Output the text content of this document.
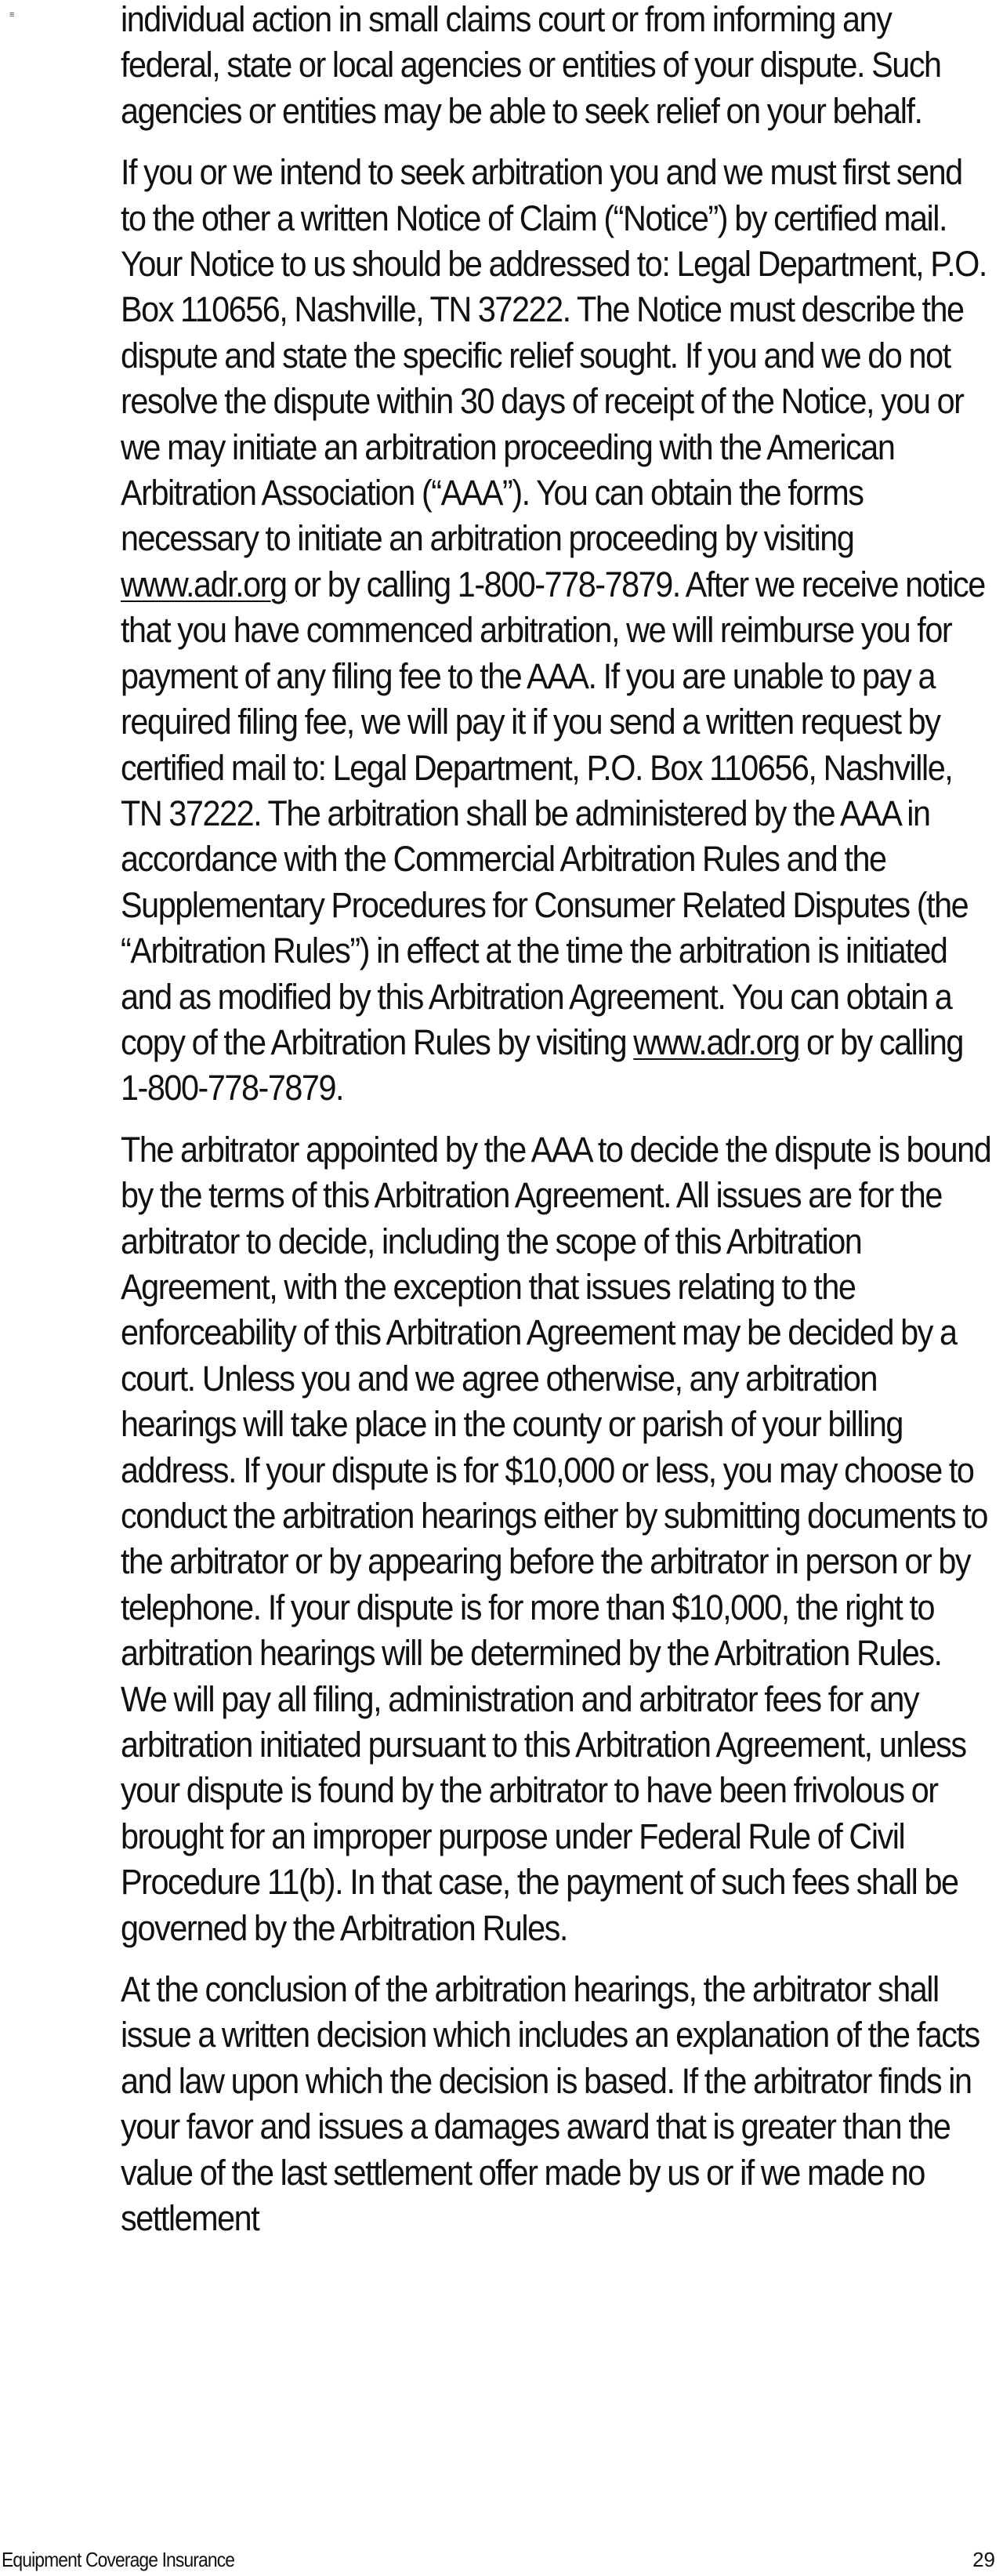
≡	individual action in small claims court or from informing any federal, state or local agencies or entities of your dispute. Such agencies or entities may be able to seek relief on your behalf.

If you or we intend to seek arbitration you and we must first send to the other a written Notice of Claim (“Notice”) by certified mail. Your Notice to us should be addressed to: Legal Department, P.O. Box 110656, Nashville, TN 37222. The Notice must describe the dispute and state the specific relief sought. If you and we do not resolve the dispute within 30 days of receipt of the Notice, you or we may initiate an arbitration proceeding with the American Arbitration Association (“AAA”). You can obtain the forms necessary to initiate an arbitration proceeding by visiting www.adr.org or by calling 1-800-778-7879. After we receive notice that you have commenced arbitration, we will reimburse you for payment of any filing fee to the AAA. If you are unable to pay a required filing fee, we will pay it if you send a written request by certified mail to: Legal Department, P.O. Box 110656, Nashville, TN 37222. The arbitration shall be administered by the AAA in accordance with the Commercial Arbitration Rules and the Supplementary Procedures for Consumer Related Disputes (the “Arbitration Rules”) in effect at the time the arbitration is initiated and as modified by this Arbitration Agreement. You can obtain a copy of the Arbitration Rules by visiting www.adr.org or by calling 1-800-778-7879.

The arbitrator appointed by the AAA to decide the dispute is bound by the terms of this Arbitration Agreement. All issues are for the arbitrator to decide, including the scope of this Arbitration Agreement, with the exception that issues relating to the enforceability of this Arbitration Agreement may be decided by a court. Unless you and we agree otherwise, any arbitration hearings will take place in the county or parish of your billing address. If your dispute is for $10,000 or less, you may choose to conduct the arbitration hearings either by submitting documents to the arbitrator or by appearing before the arbitrator in person or by telephone. If your dispute is for more than $10,000, the right to arbitration hearings will be determined by the Arbitration Rules. We will pay all filing, administration and arbitrator fees for any arbitration initiated pursuant to this Arbitration Agreement, unless your dispute is found by the arbitrator to have been frivolous or brought for an improper purpose under Federal Rule of Civil Procedure 11(b). In that case, the payment of such fees shall be governed by the Arbitration Rules.

At the conclusion of the arbitration hearings, the arbitrator shall issue a written decision which includes an explanation of the facts and law upon which the decision is based. If the arbitrator finds in your favor and issues a damages award that is greater than the value of the last settlement offer made by us or if we made no settlement

Equipment Coverage Insurance	29
